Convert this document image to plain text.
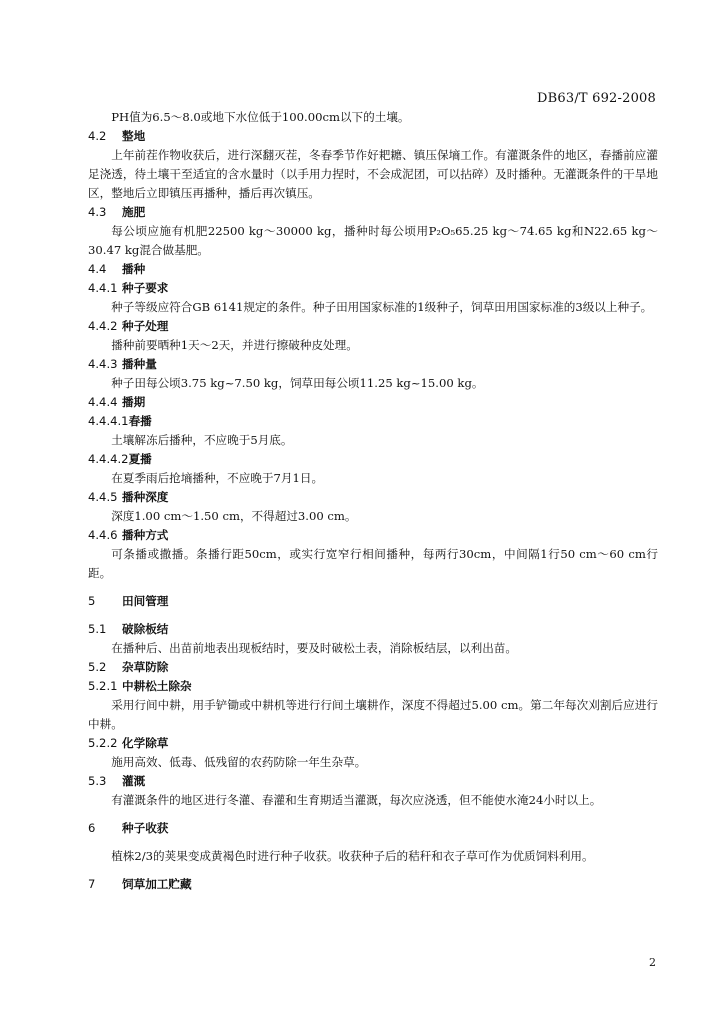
DB63/T 692-2008

PH值为6.5～8.0或地下水位低于100.00cm以下的土壤。

4.2 整地

上年前茬作物收获后，进行深翻灭茬，冬春季节作好耙耱、镇压保墒工作。有灌溉条件的地区，春播前应灌足浇透，待土壤干至适宜的含水量时（以手用力捏时，不会成泥团，可以拈碎）及时播种。无灌溉条件的干旱地区，整地后立即镇压再播种，播后再次镇压。

4.3 施肥

每公顷应施有机肥22500 kg～30000 kg，播种时每公顷用P₂O₅65.25 kg～74.65 kg和N22.65 kg～30.47 kg混合做基肥。

4.4 播种
4.4.1 种子要求

种子等级应符合GB 6141规定的条件。种子田用国家标准的1级种子，饲草田用国家标准的3级以上种子。

4.4.2 种子处理

播种前要晒种1天～2天，并进行擦破种皮处理。

4.4.3 播种量

种子田每公顷3.75 kg~7.50 kg，饲草田每公顷11.25 kg~15.00 kg。

4.4.4 播期
4.4.4.1春播

土壤解冻后播种，不应晚于5月底。

4.4.4.2夏播

在夏季雨后抢墒播种，不应晚于7月1日。

4.4.5 播种深度

深度1.00 cm～1.50 cm，不得超过3.00 cm。

4.4.6 播种方式

可条播或撒播。条播行距50cm，或实行宽窄行相间播种，每两行30cm，中间隔1行50 cm～60 cm行距。

5 田间管理
5.1 破除板结

在播种后、出苗前地表出现板结时，要及时破松土表，消除板结层，以利出苗。

5.2 杂草防除
5.2.1 中耕松土除杂

采用行间中耕，用手铲锄或中耕机等进行行间土壤耕作，深度不得超过5.00 cm。第二年每次刈割后应进行中耕。

5.2.2 化学除草

施用高效、低毒、低残留的农药防除一年生杂草。

5.3 灌溉

有灌溉条件的地区进行冬灌、春灌和生育期适当灌溉，每次应浇透，但不能使水淹24小时以上。

6 种子收获

植株2/3的荚果变成黄褐色时进行种子收获。收获种子后的秸秆和衣子草可作为优质饲料利用。

7 饲草加工贮藏
2
